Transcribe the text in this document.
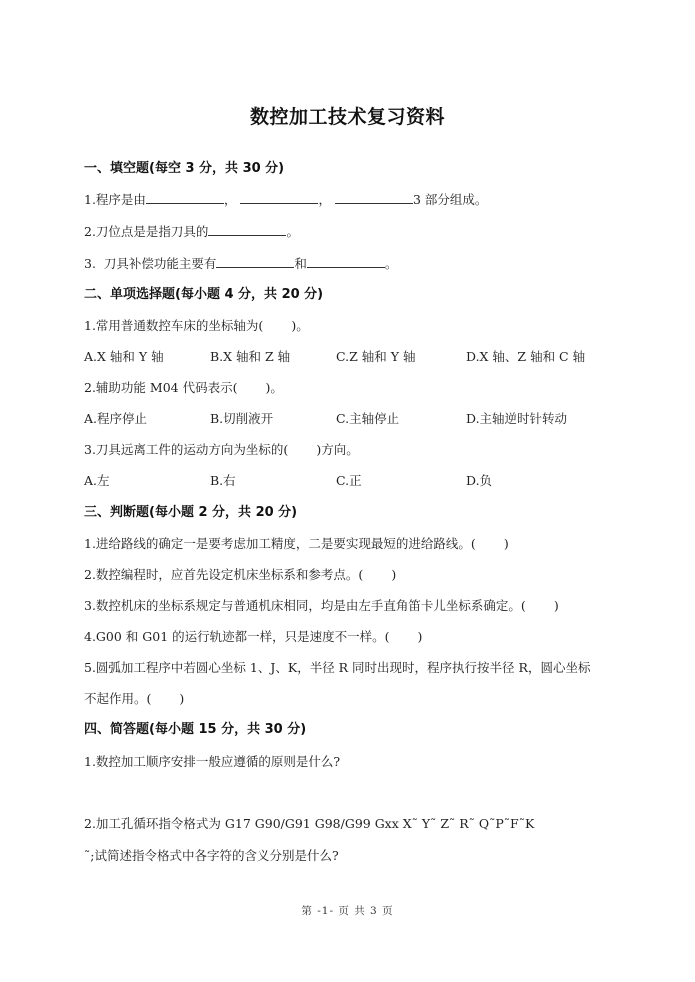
数控加工技术复习资料
一、填空题(每空 3 分，共 30 分)
1.程序是由	，	，	3 部分组成。
2.刀位点是是指刀具的	。
3.  刀具补偿功能主要有	和	。
二、单项选择题(每小题 4 分，共 20 分)
1.常用普通数控车床的坐标轴为( )。
A.X 轴和 Y 轴	B.X 轴和 Z 轴	C.Z 轴和 Y 轴	D.X 轴、Z 轴和 C 轴
2.辅助功能 M04 代码表示( )。
A.程序停止	B.切削液开	C.主轴停止	D.主轴逆时针转动
3.刀具远离工件的运动方向为坐标的( )方向。
A.左	B.右	C.正	D.负
三、判断题(每小题 2 分，共 20 分)
1.进给路线的确定一是要考虑加工精度，二是要实现最短的进给路线。( )
2.数控编程时，应首先设定机床坐标系和参考点。( )
3.数控机床的坐标系规定与普通机床相同，均是由左手直角笛卡儿坐标系确定。( )
4.G00 和 G01 的运行轨迹都一样，只是速度不一样。( )
5.圆弧加工程序中若圆心坐标 1、J、K，半径 R 同时出现时，程序执行按半径 R，圆心坐标
不起作用。( )
四、简答题(每小题 15 分，共 30 分)
1.数控加工顺序安排一般应遵循的原则是什么?
2.加工孔循环指令格式为 G17 G90/G91 G98/G99 Gxx X˜ Y˜ Z˜ R˜ Q˜P˜F˜K
˜;试简述指令格式中各字符的含义分别是什么?
第 -1- 页 共 3 页
